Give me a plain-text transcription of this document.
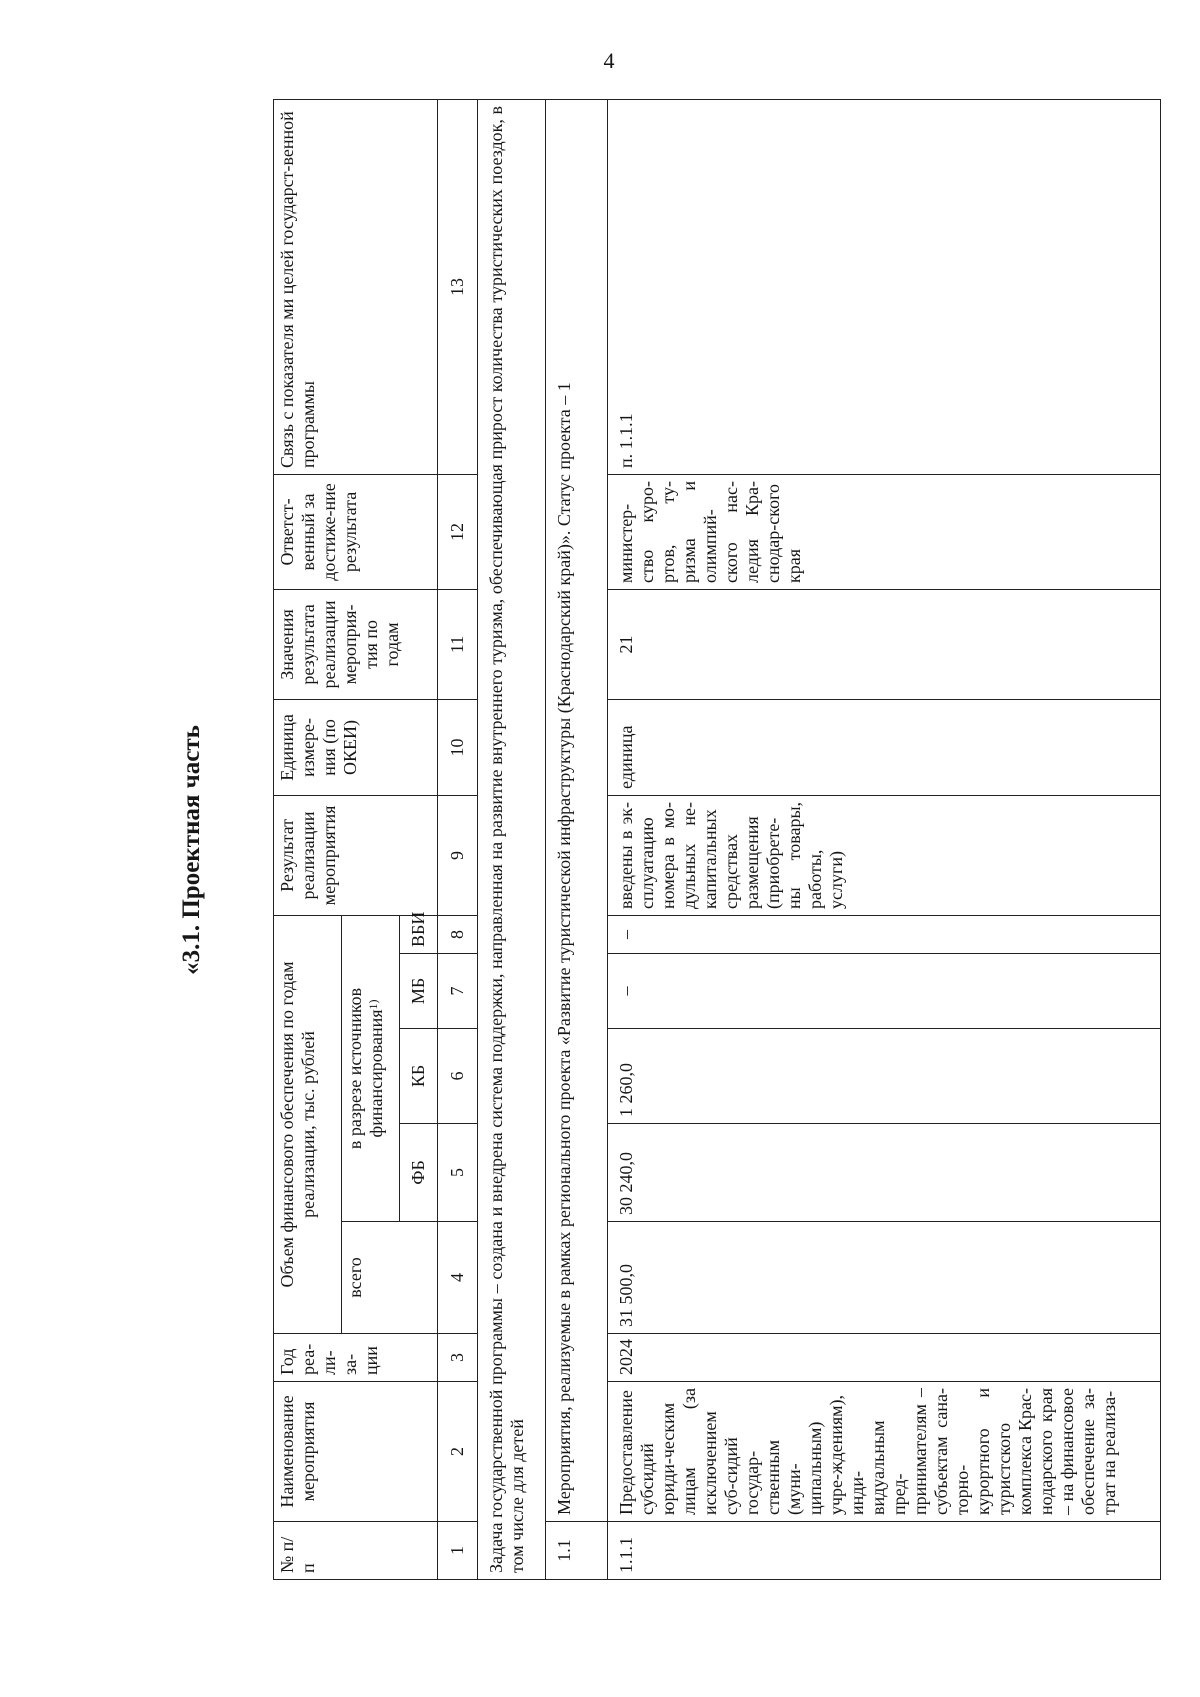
4
«3.1. Проектная часть
№ п/п	Наименование мероприятия	Год реа-ли-за-ции	Объем финансового обеспечения по годам реализации, тыс. рублей					Результат реализации мероприятия	Единица измере-ния (по ОКЕИ)	Значения результата реализации мероприя-тия по годам	Ответст-венный за достиже-ние результата	Связь с показателя ми целей государст-венной программы
			всего	в разрезе источников финансирования$^{1)}$
				ФБ	КБ	МБ	ВБИ					
1	2	3	4	5	6	7	8	9	10	11	12	13
Задача государственной программы – создана и внедрена система поддержки, направленная на развитие внутреннего туризма, обеспечивающая прирост количества туристических поездок, в том числе для детей												
1.1	Мероприятия, реализуемые в рамках регионального проекта «Развитие туристической инфраструктуры (Краснодарский край)». Статус проекта – 1											
1.1.1	Предоставление субсидий юриди-ческим лицам (за исключением суб-сидий государ-ственным (муни-ципальным) учре-ждениям), инди-видуальным пред-принимателям – субъектам сана-торно-курортного и туристского комплекса Крас-нодарского края – на финансовое обеспечение за-трат на реализа-	2024	31 500,0	30 240,0	1 260,0	–	–	введены в эк-сплуатацию номера в мо-дульных не-капитальных средствах размещения (приобрете-ны товары, работы, услуги)	единица	21	министер-ство куро-ртов, ту-ризма и олимпий-ского нас-ледия Кра-снодар-ского края	п. 1.1.1
